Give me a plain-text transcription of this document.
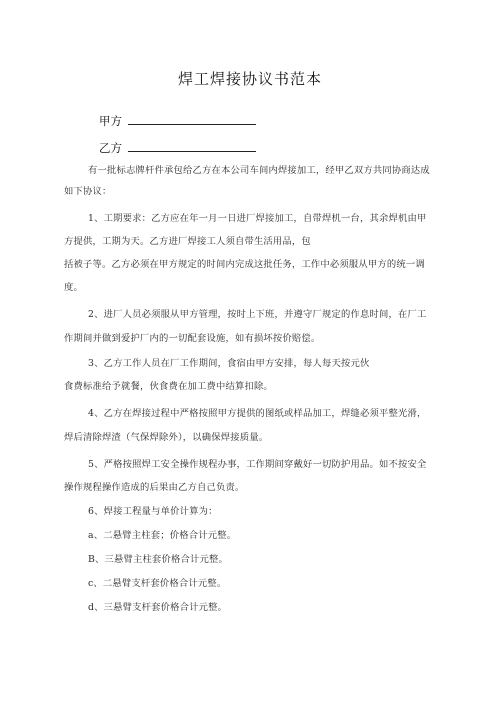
焊工焊接协议书范本
甲方
乙方
有一批标志牌杆件承包给乙方在本公司车间内焊接加工，经甲乙双方共同协商达成
如下协议：
1、工期要求：乙方应在年一月一日进厂焊接加工，自带焊机一台，其余焊机由甲
方提供，工期为天。乙方进厂焊接工人须自带生活用品，包
括被子等。乙方必须在甲方规定的时间内完成这批任务，工作中必须服从甲方的统一调
度。
2、进厂人员必须服从甲方管理，按时上下班，并遵守厂规定的作息时间，在厂工
作期间并做到爱护厂内的一切配套设施，如有损坏按价赔偿。
3、乙方工作人员在厂工作期间，食宿由甲方安排，每人每天按元伙
食费标准给予就餐，伙食费在加工费中结算扣除。
4、乙方在焊接过程中严格按照甲方提供的图纸或样品加工，焊缝必须平整光滑，
焊后清除焊渣（气保焊除外），以确保焊接质量。
5、严格按照焊工安全操作规程办事，工作期间穿戴好一切防护用品。如不按安全
操作规程操作造成的后果由乙方自己负责。
6、焊接工程量与单价计算为：
a、二悬臂主柱套；价格合计元整。
B、三悬臂主柱套价格合计元整。
c、二悬臂支杆套价格合计元整。
d、三悬臂支杆套价格合计元整。
